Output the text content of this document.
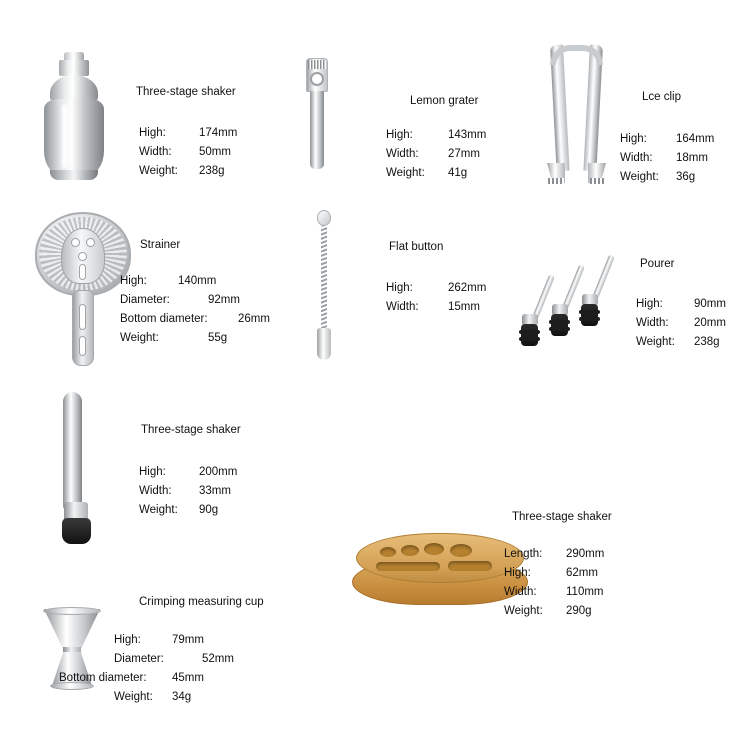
Three-stage shaker
High:	174mm
Width:	50mm
Weight:	238g
Lemon grater
High:	143mm
Width:	27mm
Weight:	41g
Lce clip
High:	164mm
Width:	18mm
Weight:	36g
Strainer
High:	140mm
Diameter:	92mm
Bottom diameter:	26mm
Weight:	55g
Flat button
High:	262mm
Width:	15mm
Pourer
High:	90mm
Width:	20mm
Weight:	238g
Three-stage shaker
High:	200mm
Width:	33mm
Weight:	90g
Three-stage shaker
Length:	290mm
High:	62mm
Width:	110mm
Weight:	290g
Crimping measuring cup
High:	79mm
Diameter:	52mm
Bottom diameter:	45mm
Weight:	34g
